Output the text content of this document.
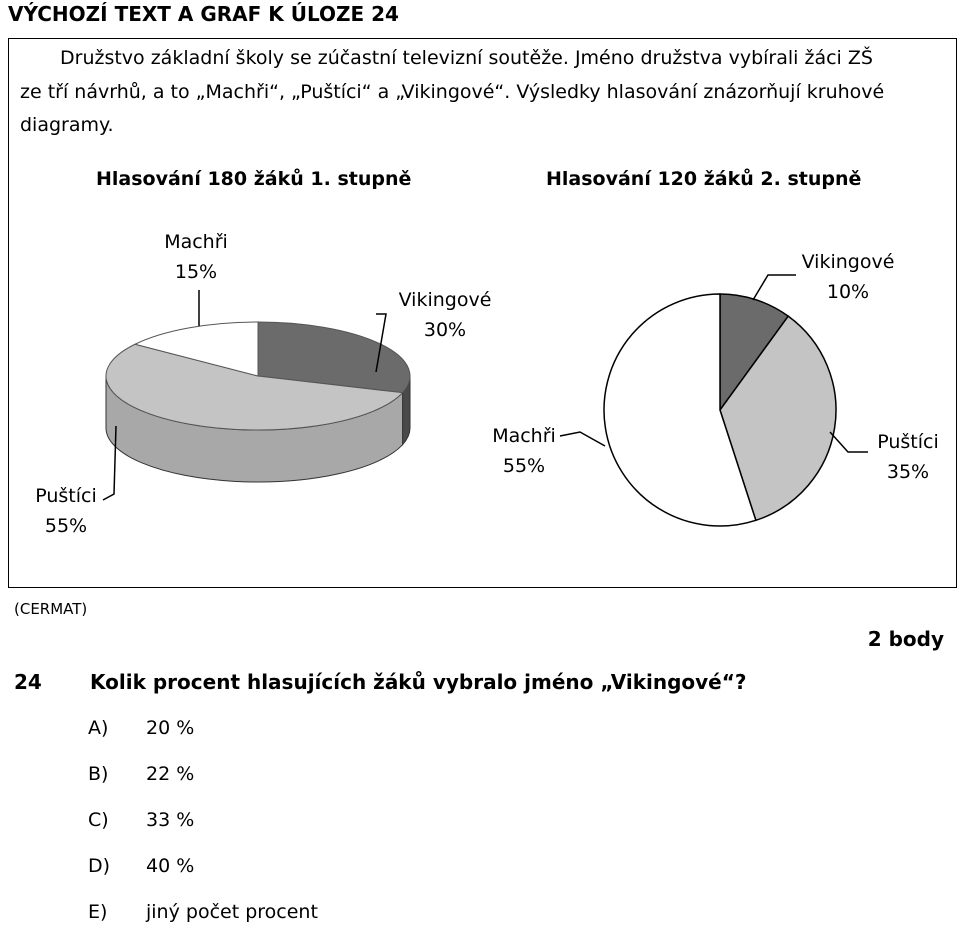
VÝCHOZÍ TEXT A GRAF K ÚLOZE 24
Družstvo základní školy se zúčastní televizní soutěže. Jméno družstva vybírali žáci ZŠ
ze tří návrhů, a to „Machři“, „Puštíci“ a „Vikingové“. Výsledky hlasování znázorňují kruhové
diagramy.
Hlasování 180 žáků 1. stupně	Hlasování 120 žáků 2. stupně
Vikingové 30%
Puštíci 55%
Machři 15%	Vikingové 10%
Puštíci 35%
Machři 55%
(CERMAT)
2 body
24 Kolik procent hlasujících žáků vybralo jméno „Vikingové“?
A) 20 %
B) 22 %
C) 33 %
D) 40 %
E) jiný počet procent
